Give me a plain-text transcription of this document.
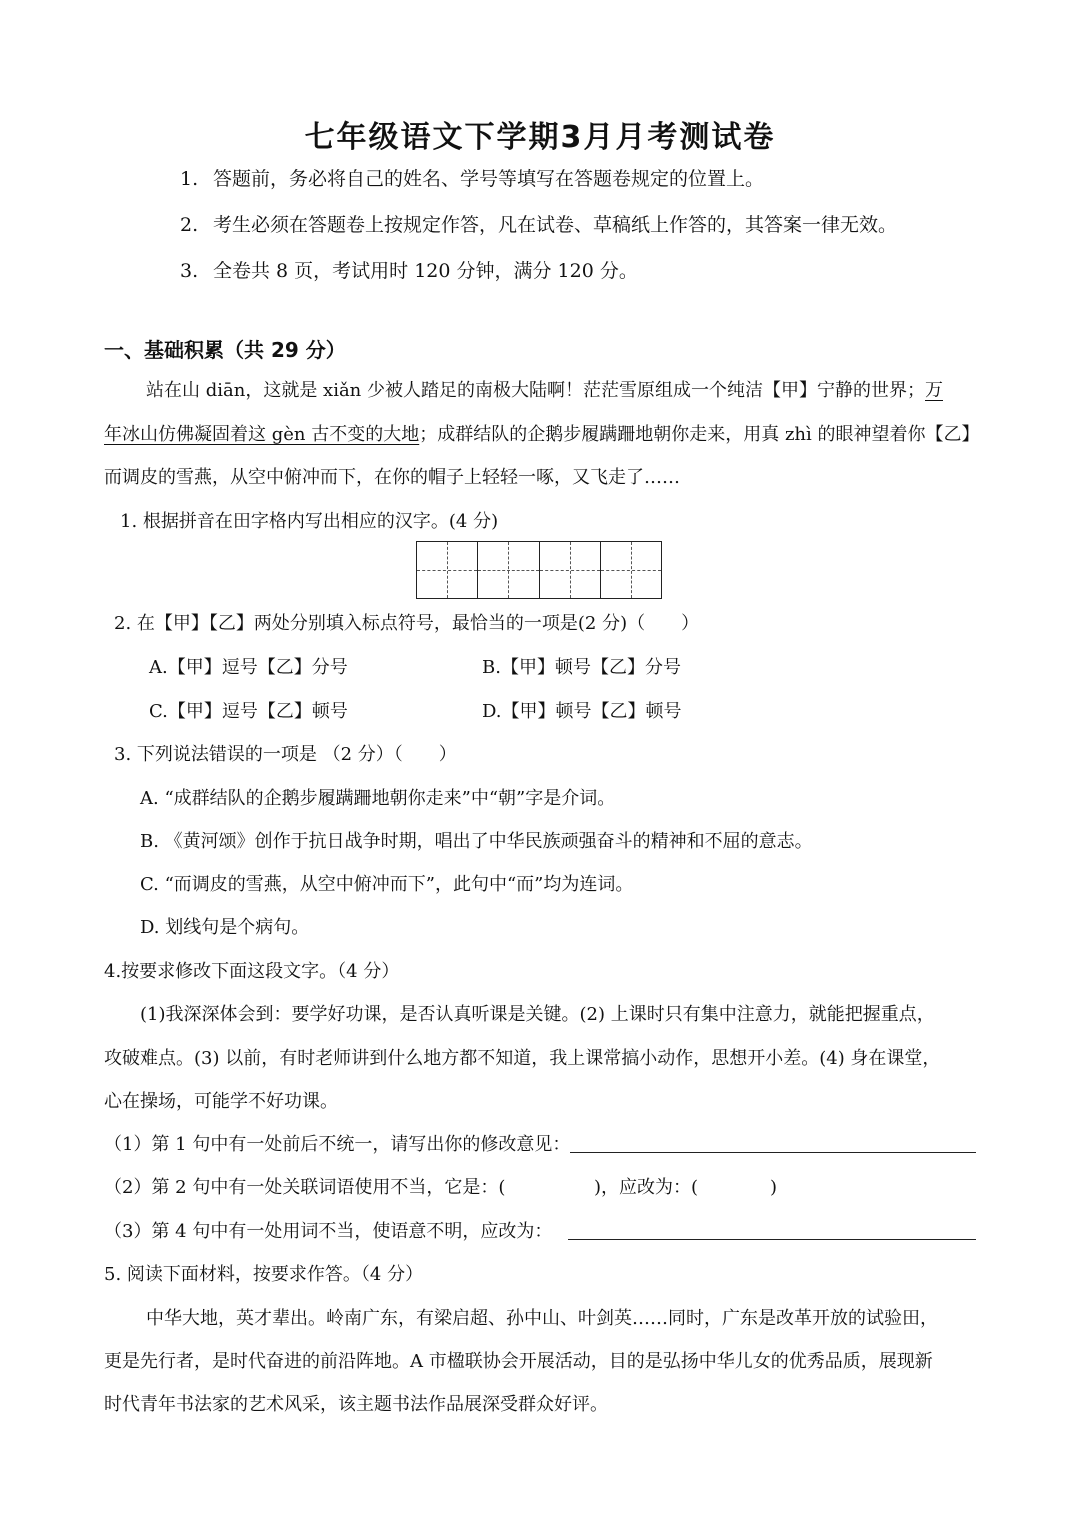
七年级语文下学期3月月考测试卷
1. 答题前，务必将自己的姓名、学号等填写在答题卷规定的位置上。
2. 考生必须在答题卷上按规定作答，凡在试卷、草稿纸上作答的，其答案一律无效。
3. 全卷共 8 页，考试用时 120 分钟，满分 120 分。
一、基础积累（共 29 分）
站在山 diān，这就是 xiǎn 少被人踏足的南极大陆啊！茫茫雪原组成一个纯洁【甲】宁静的世界；万
年冰山仿佛凝固着这 gèn 古不变的大地；成群结队的企鹅步履蹒跚地朝你走来，用真 zhì 的眼神望着你【乙】
而调皮的雪燕，从空中俯冲而下，在你的帽子上轻轻一啄，又飞走了……
1. 根据拼音在田字格内写出相应的汉字。(4 分)
2. 在【甲】【乙】两处分别填入标点符号，最恰当的一项是(2 分)（　　）
A.【甲】逗号【乙】分号	B.【甲】顿号【乙】分号
C.【甲】逗号【乙】顿号	D.【甲】顿号【乙】顿号
3. 下列说法错误的一项是 （2 分）（　　）
A. “成群结队的企鹅步履蹒跚地朝你走来”中“朝”字是介词。
B. 《黄河颂》创作于抗日战争时期，唱出了中华民族顽强奋斗的精神和不屈的意志。
C. “而调皮的雪燕，从空中俯冲而下”，此句中“而”均为连词。
D. 划线句是个病句。
4.按要求修改下面这段文字。（4 分）
(1)我深深体会到：要学好功课，是否认真听课是关键。(2) 上课时只有集中注意力，就能把握重点，
攻破难点。(3) 以前，有时老师讲到什么地方都不知道，我上课常搞小动作，思想开小差。(4) 身在课堂，
心在操场，可能学不好功课。
（1）第 1 句中有一处前后不统一，请写出你的修改意见：
（2）第 2 句中有一处关联词语使用不当，它是：(	)，应改为：(	)
（3）第 4 句中有一处用词不当，使语意不明，应改为：
5. 阅读下面材料，按要求作答。（4 分）
中华大地，英才辈出。岭南广东，有梁启超、孙中山、叶剑英……同时，广东是改革开放的试验田，
更是先行者，是时代奋进的前沿阵地。A 市楹联协会开展活动，目的是弘扬中华儿女的优秀品质，展现新
时代青年书法家的艺术风采，该主题书法作品展深受群众好评。
